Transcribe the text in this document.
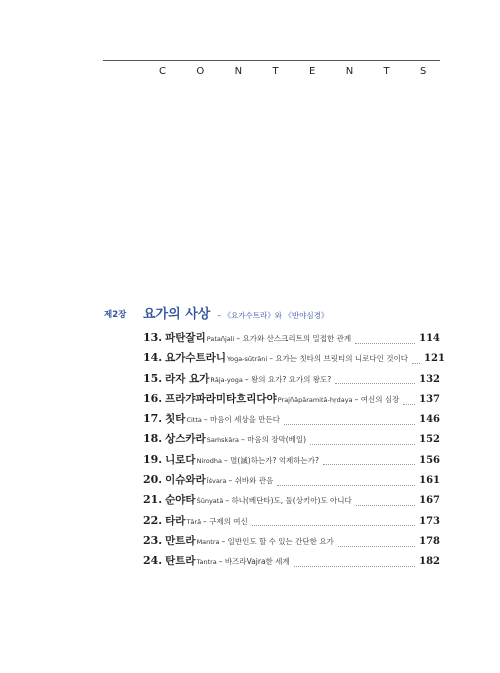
C O N T E N T S
제2장 요가의 사상 – 《요가수트라》와 《반야심경》
13. 파탄잘리 Patañjali – 요가와 산스크리트의 밀접한 관계	114
14. 요가수트라니 Yoga-sūtrāni – 요가는 칫타의 브릿티의 니로다인 것이다 121
15. 라자 요가 Rāja-yoga – 왕의 요가? 요가의 왕도?	132
16. 프라갸파라미타흐리다야 Prajñāpāramitā-hṛdaya – 여신의 심장 137
17. 칫타 Citta – 마음이 세상을 만든다	146
18. 상스카라 Saṁskāra – 마음의 장막(베일)	152
19. 니로다 Nirodha – 멸(滅)하는가? 억제하는가?	156
20. 이슈와라 Īśvara – 쉬바와 관음	161
21. 순야타 Śūnyatā – 하나(베단타)도, 둘(상키아)도 아니다	167
22. 타라 Tārā – 구제의 여신	173
23. 만트라 Mantra – 일반인도 할 수 있는 간단한 요가	178
24. 탄트라 Tantra – 바즈라Vajra한 세계	182
